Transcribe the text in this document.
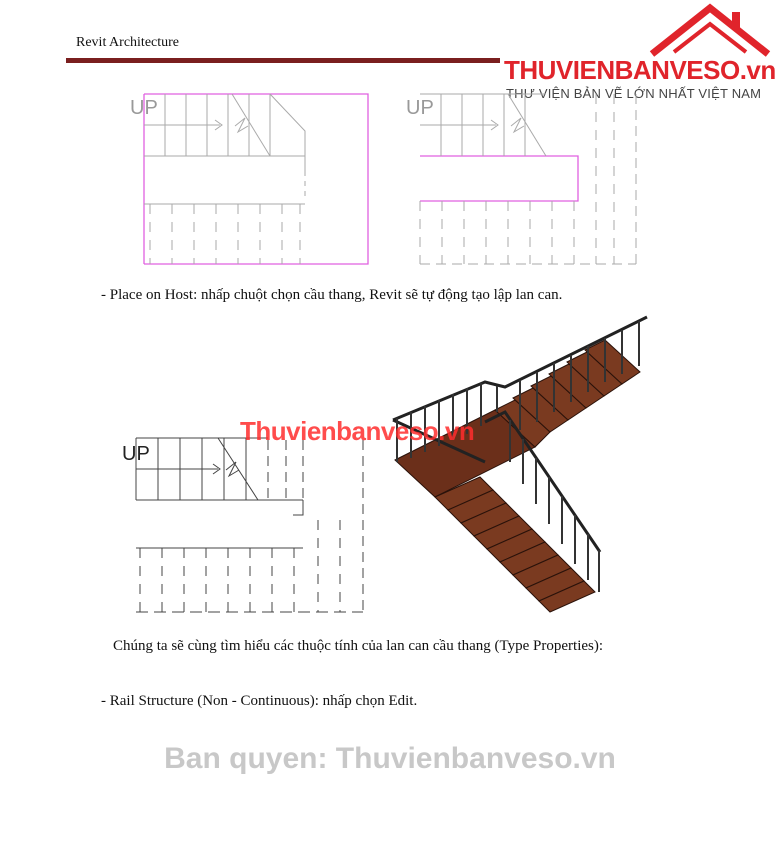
Revit Architecture
THUVIENBANVESO.vn
THƯ VIỆN BẢN VẼ LỚN NHẤT VIỆT NAM
UP	UP
- Place on Host: nhấp chuột chọn cầu thang, Revit sẽ tự động tạo lập lan can.
UP
Thuvienbanveso.vn
Chúng ta sẽ cùng tìm hiểu các thuộc tính của lan can cầu thang (Type Properties):
- Rail Structure (Non - Continuous): nhấp chọn Edit.
Ban quyen: Thuvienbanveso.vn
